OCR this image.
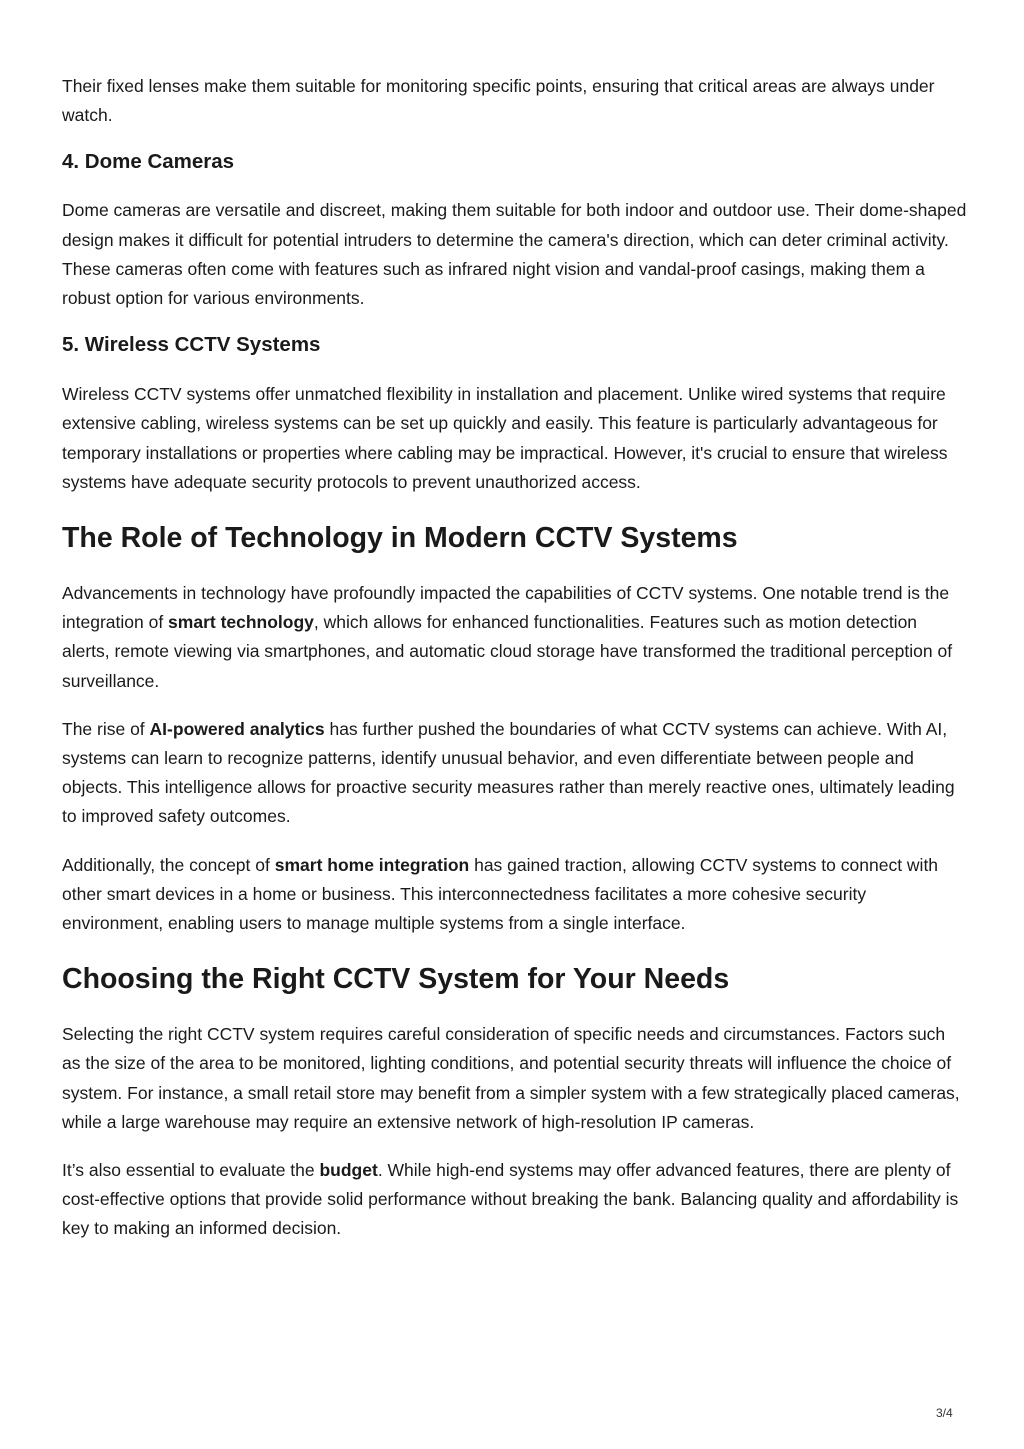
Their fixed lenses make them suitable for monitoring specific points, ensuring that critical areas are always under watch.

4. Dome Cameras

Dome cameras are versatile and discreet, making them suitable for both indoor and outdoor use. Their dome-shaped design makes it difficult for potential intruders to determine the camera's direction, which can deter criminal activity. These cameras often come with features such as infrared night vision and vandal-proof casings, making them a robust option for various environments.

5. Wireless CCTV Systems

Wireless CCTV systems offer unmatched flexibility in installation and placement. Unlike wired systems that require extensive cabling, wireless systems can be set up quickly and easily. This feature is particularly advantageous for temporary installations or properties where cabling may be impractical. However, it's crucial to ensure that wireless systems have adequate security protocols to prevent unauthorized access.

The Role of Technology in Modern CCTV Systems

Advancements in technology have profoundly impacted the capabilities of CCTV systems. One notable trend is the integration of smart technology, which allows for enhanced functionalities. Features such as motion detection alerts, remote viewing via smartphones, and automatic cloud storage have transformed the traditional perception of surveillance.

The rise of AI-powered analytics has further pushed the boundaries of what CCTV systems can achieve. With AI, systems can learn to recognize patterns, identify unusual behavior, and even differentiate between people and objects. This intelligence allows for proactive security measures rather than merely reactive ones, ultimately leading to improved safety outcomes.

Additionally, the concept of smart home integration has gained traction, allowing CCTV systems to connect with other smart devices in a home or business. This interconnectedness facilitates a more cohesive security environment, enabling users to manage multiple systems from a single interface.

Choosing the Right CCTV System for Your Needs

Selecting the right CCTV system requires careful consideration of specific needs and circumstances. Factors such as the size of the area to be monitored, lighting conditions, and potential security threats will influence the choice of system. For instance, a small retail store may benefit from a simpler system with a few strategically placed cameras, while a large warehouse may require an extensive network of high-resolution IP cameras.

It’s also essential to evaluate the budget. While high-end systems may offer advanced features, there are plenty of cost-effective options that provide solid performance without breaking the bank. Balancing quality and affordability is key to making an informed decision.

3/4
